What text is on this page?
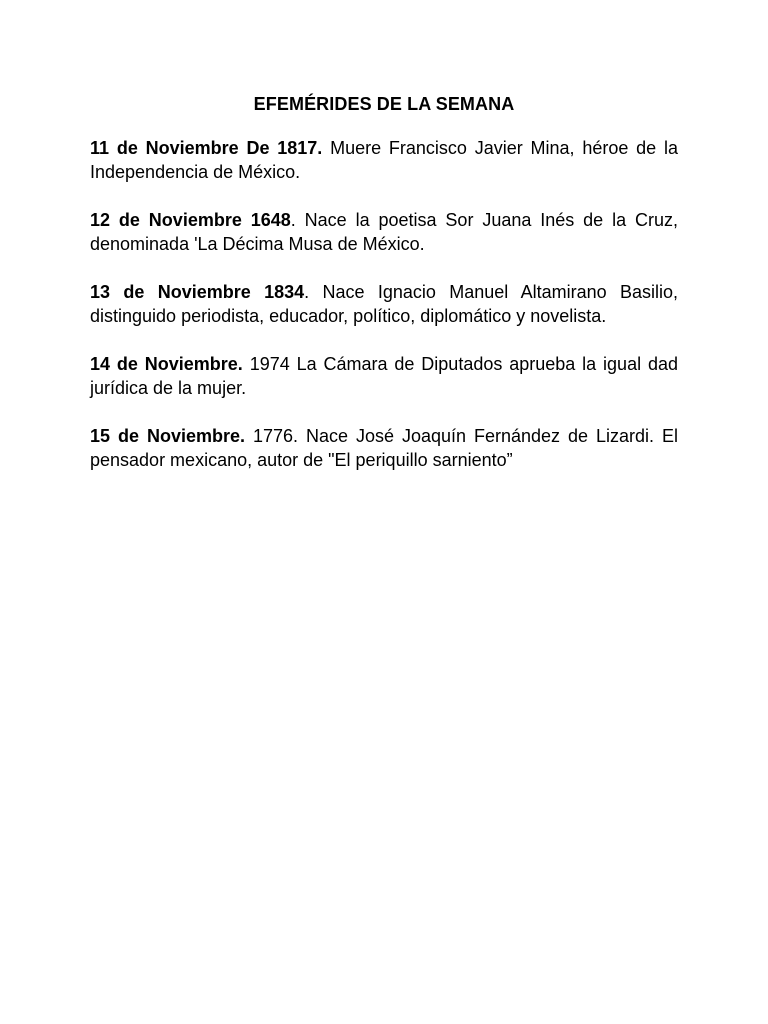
EFEMÉRIDES DE LA SEMANA

11 de Noviembre De 1817. Muere Francisco Javier Mina, héroe de la Independencia de México.

12 de Noviembre 1648. Nace la poetisa Sor Juana Inés de la Cruz, denominada 'La Décima Musa de México.

13 de Noviembre 1834. Nace Ignacio Manuel Altamirano Basilio, distinguido periodista, educador, político, diplomático y novelista.

14 de Noviembre. 1974 La Cámara de Diputados aprueba la igual dad jurídica de la mujer.

15 de Noviembre. 1776. Nace José Joaquín Fernández de Lizardi. El pensador mexicano, autor de "El periquillo sarniento”
